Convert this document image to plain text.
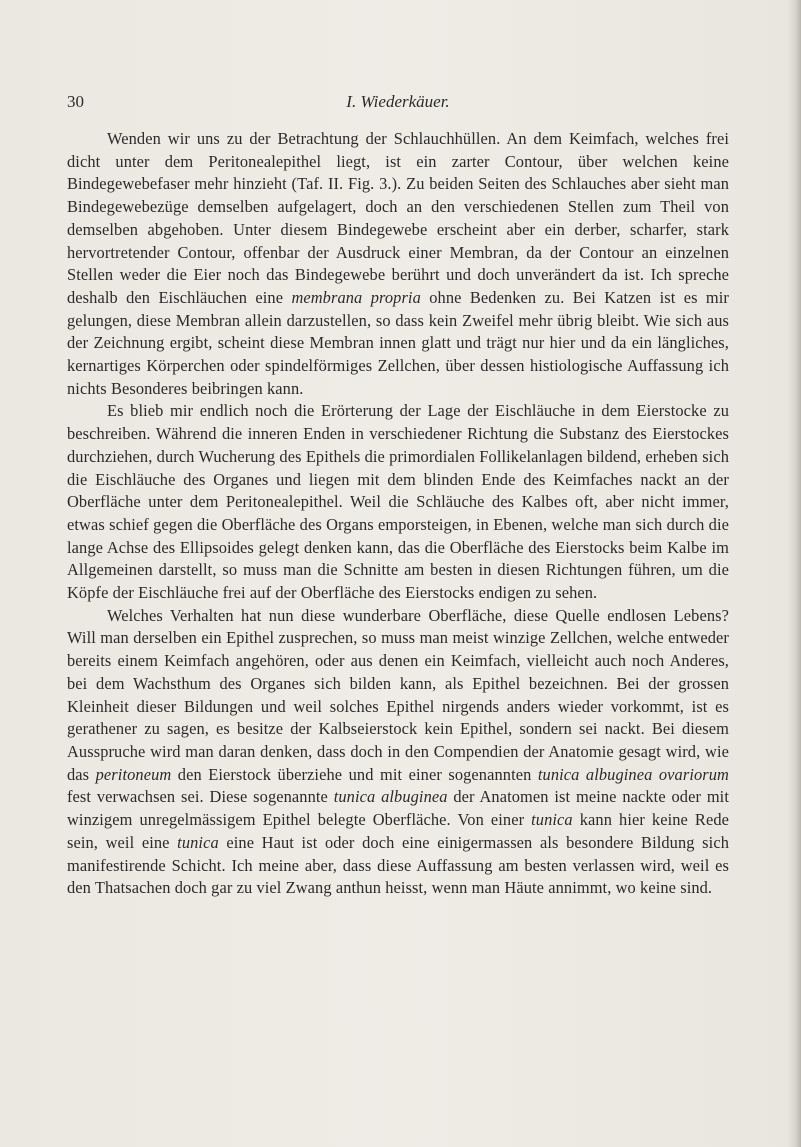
30	I. Wiederkäuer.

Wenden wir uns zu der Betrachtung der Schlauchhüllen. An dem Keimfach, welches frei dicht unter dem Peritonealepithel liegt, ist ein zarter Contour, über welchen keine Bindegewebefaser mehr hinzieht (Taf. II. Fig. 3.). Zu beiden Seiten des Schlauches aber sieht man Bindegewebezüge demselben aufgelagert, doch an den verschiedenen Stellen zum Theil von demselben abgehoben. Unter diesem Bindegewebe erscheint aber ein derber, scharfer, stark hervortretender Contour, offenbar der Ausdruck einer Membran, da der Contour an einzelnen Stellen weder die Eier noch das Bindegewebe berührt und doch unverändert da ist. Ich spreche deshalb den Eischläuchen eine membrana propria ohne Bedenken zu. Bei Katzen ist es mir gelungen, diese Membran allein darzustellen, so dass kein Zweifel mehr übrig bleibt. Wie sich aus der Zeichnung ergibt, scheint diese Membran innen glatt und trägt nur hier und da ein längliches, kernartiges Körperchen oder spindelförmiges Zellchen, über dessen histiologische Auffassung ich nichts Besonderes beibringen kann.

Es blieb mir endlich noch die Erörterung der Lage der Eischläuche in dem Eierstocke zu beschreiben. Während die inneren Enden in verschiedener Richtung die Substanz des Eierstockes durchziehen, durch Wucherung des Epithels die primordialen Follikelanlagen bildend, erheben sich die Eischläuche des Organes und liegen mit dem blinden Ende des Keimfaches nackt an der Oberfläche unter dem Peritonealepithel. Weil die Schläuche des Kalbes oft, aber nicht immer, etwas schief gegen die Oberfläche des Organs emporsteigen, in Ebenen, welche man sich durch die lange Achse des Ellipsoides gelegt denken kann, das die Oberfläche des Eierstocks beim Kalbe im Allgemeinen darstellt, so muss man die Schnitte am besten in diesen Richtungen führen, um die Köpfe der Eischläuche frei auf der Oberfläche des Eierstocks endigen zu sehen.

Welches Verhalten hat nun diese wunderbare Oberfläche, diese Quelle endlosen Lebens? Will man derselben ein Epithel zusprechen, so muss man meist winzige Zellchen, welche entweder bereits einem Keimfach angehören, oder aus denen ein Keimfach, vielleicht auch noch Anderes, bei dem Wachsthum des Organes sich bilden kann, als Epithel bezeichnen. Bei der grossen Kleinheit dieser Bildungen und weil solches Epithel nirgends anders wieder vorkommt, ist es gerathener zu sagen, es besitze der Kalbseierstock kein Epithel, sondern sei nackt. Bei diesem Ausspruche wird man daran denken, dass doch in den Compendien der Anatomie gesagt wird, wie das peritoneum den Eierstock überziehe und mit einer sogenannten tunica albuginea ovariorum fest verwachsen sei. Diese sogenannte tunica albuginea der Anatomen ist meine nackte oder mit winzigem unregelmässigem Epithel belegte Oberfläche. Von einer tunica kann hier keine Rede sein, weil eine tunica eine Haut ist oder doch eine einigermassen als besondere Bildung sich manifestirende Schicht. Ich meine aber, dass diese Auffassung am besten verlassen wird, weil es den Thatsachen doch gar zu viel Zwang anthun heisst, wenn man Häute annimmt, wo keine sind.
